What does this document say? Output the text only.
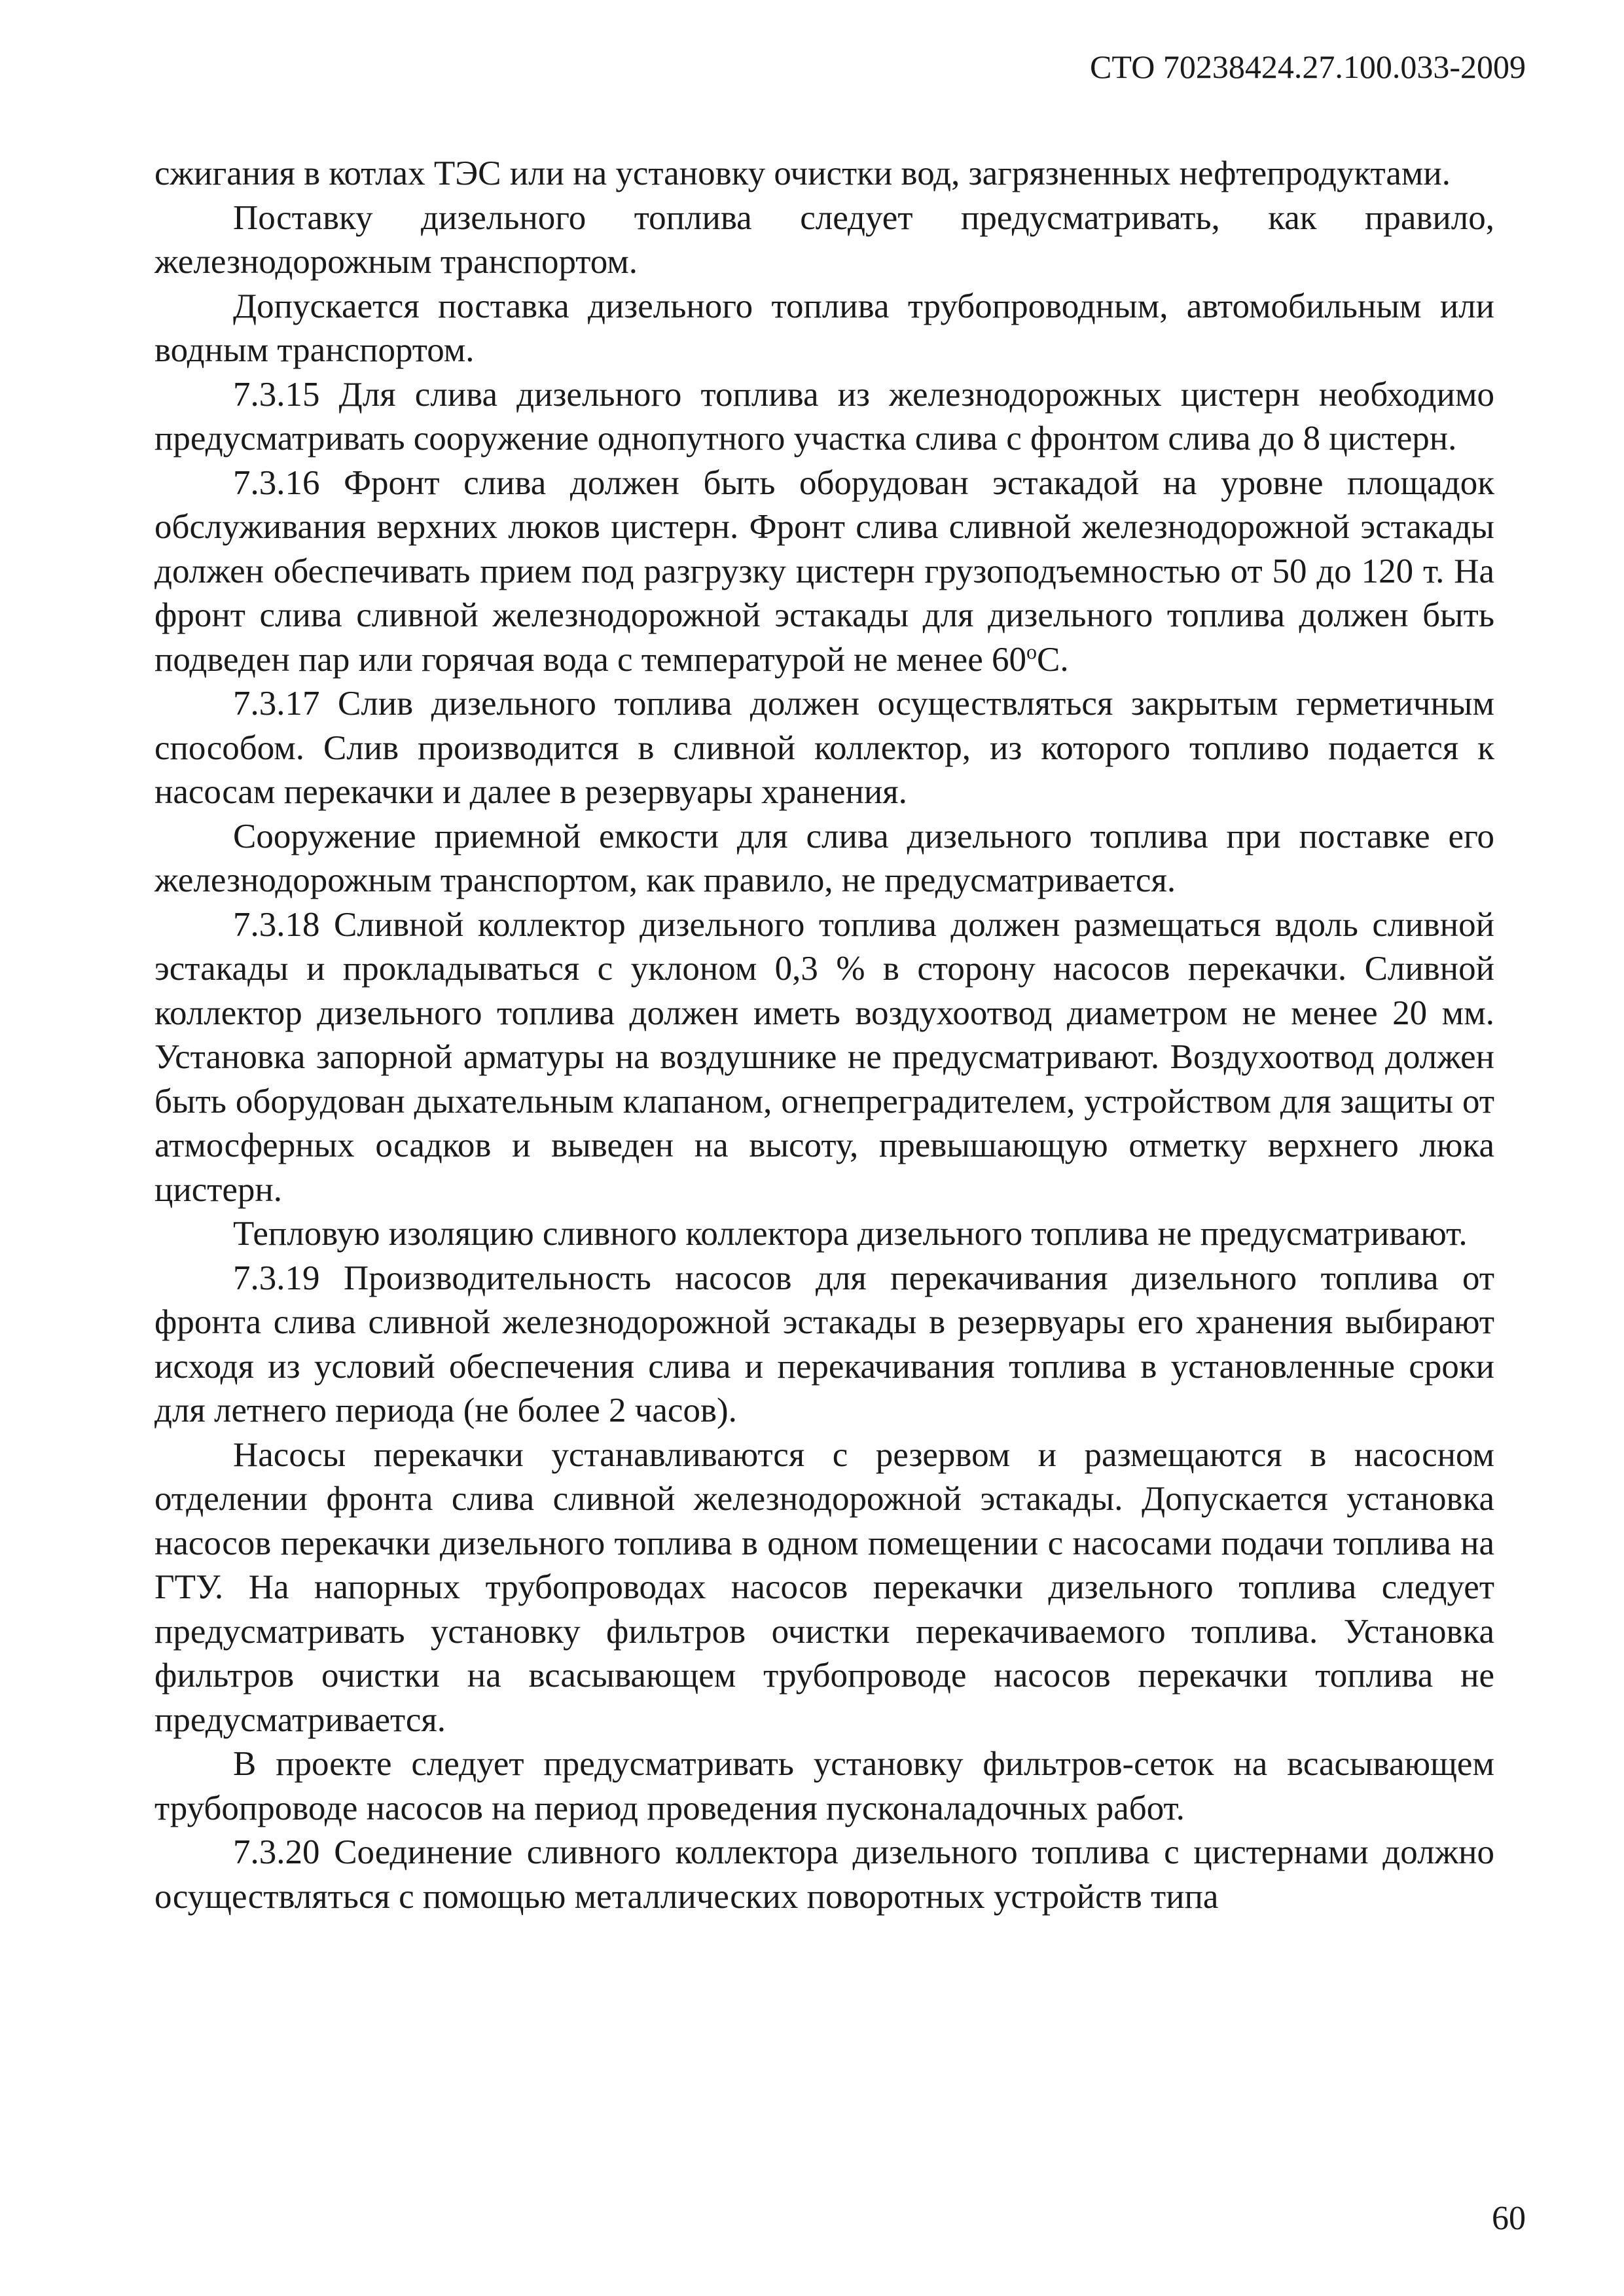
СТО 70238424.27.100.033-2009

сжигания в котлах ТЭС или на установку очистки вод, загрязненных нефтепродуктами.

Поставку дизельного топлива следует предусматривать, как правило, железнодорожным транспортом.

Допускается поставка дизельного топлива трубопроводным, автомобильным или водным транспортом.

7.3.15 Для слива дизельного топлива из железнодорожных цистерн необходимо предусматривать сооружение однопутного участка слива с фронтом слива до 8 цистерн.

7.3.16 Фронт слива должен быть оборудован эстакадой на уровне площадок обслуживания верхних люков цистерн. Фронт слива сливной железнодорожной эстакады должен обеспечивать прием под разгрузку цистерн грузоподъемностью от 50 до 120 т. На фронт слива сливной железнодорожной эстакады для дизельного топлива должен быть подведен пар или горячая вода с температурой не менее $60^оС$.

7.3.17 Слив дизельного топлива должен осуществляться закрытым герметичным способом. Слив производится в сливной коллектор, из которого топливо подается к насосам перекачки и далее в резервуары хранения.

Сооружение приемной емкости для слива дизельного топлива при поставке его железнодорожным транспортом, как правило, не предусматривается.

7.3.18 Сливной коллектор дизельного топлива должен размещаться вдоль сливной эстакады и прокладываться с уклоном 0,3 % в сторону насосов перекачки. Сливной коллектор дизельного топлива должен иметь воздухоотвод диаметром не менее 20 мм. Установка запорной арматуры на воздушнике не предусматривают. Воздухоотвод должен быть оборудован дыхательным клапаном, огнепреградителем, устройством для защиты от атмосферных осадков и выведен на высоту, превышающую отметку верхнего люка цистерн.

Тепловую изоляцию сливного коллектора дизельного топлива не предусматривают.

7.3.19 Производительность насосов для перекачивания дизельного топлива от фронта слива сливной железнодорожной эстакады в резервуары его хранения выбирают исходя из условий обеспечения слива и перекачивания топлива в установленные сроки для летнего периода (не более 2 часов).

Насосы перекачки устанавливаются с резервом и размещаются в насосном отделении фронта слива сливной железнодорожной эстакады. Допускается установка насосов перекачки дизельного топлива в одном помещении с насосами подачи топлива на ГТУ. На напорных трубопроводах насосов перекачки дизельного топлива следует предусматривать установку фильтров очистки перекачиваемого топлива. Установка фильтров очистки на всасывающем трубопроводе насосов перекачки топлива не предусматривается.

В проекте следует предусматривать установку фильтров-сеток на всасывающем трубопроводе насосов на период проведения пусконаладочных работ.

7.3.20 Соединение сливного коллектора дизельного топлива с цистернами должно осуществляться с помощью металлических поворотных устройств типа

60
